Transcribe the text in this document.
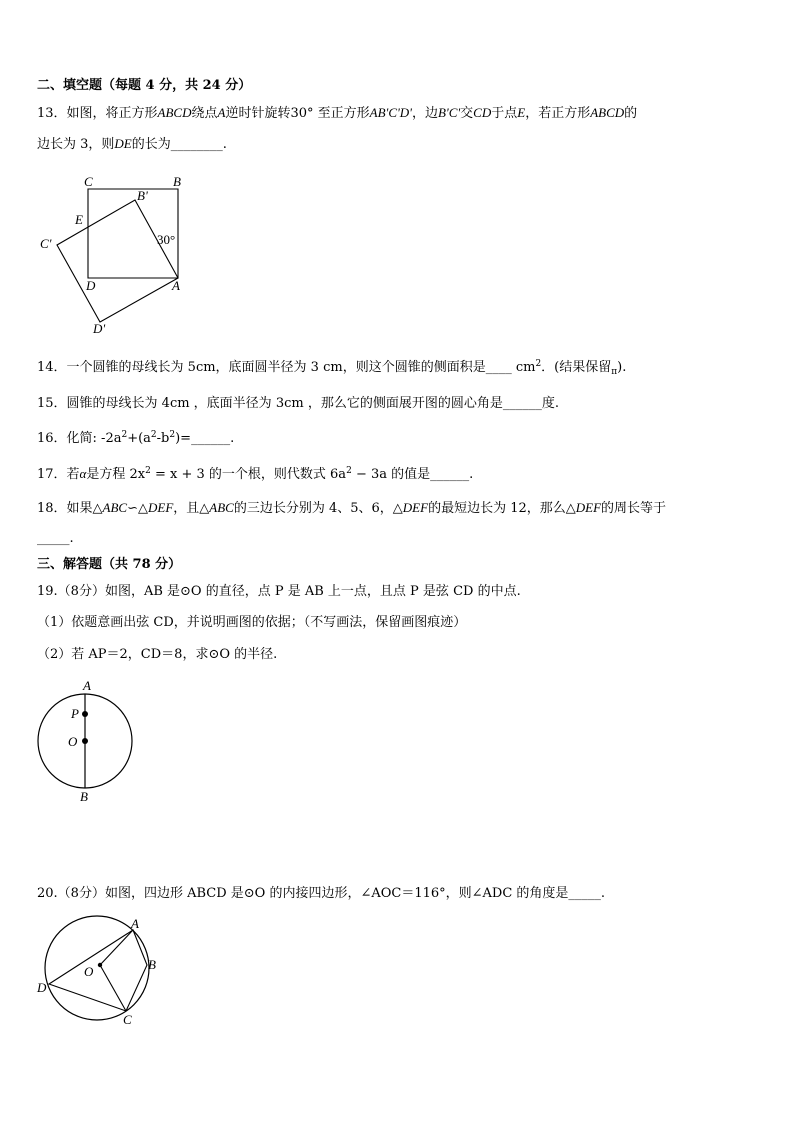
二、填空题（每题 4 分，共 24 分）
13．如图，将正方形ABCD绕点A逆时针旋转30° 至正方形AB'C'D'，边B'C'交CD于点E，若正方形ABCD的
边长为 3，则DE的长为________.
C	B
B'
E
C'	30°
D	A
D'
14．一个圆锥的母线长为 5cm，底面圆半径为 3 cm，则这个圆锥的侧面积是____ $cm^2$．(结果保留$_\pi$).
15．圆锥的母线长为 4cm ，底面半径为 3cm ，那么它的侧面展开图的圆心角是______度.
16．化简: $-2a^2+(a^2-b^2)=\_\_\_\_\_\_$.
17．若α是方程 $2x^2 = x + 3$ 的一个根，则代数式 $6a^2 - 3a$ 的值是______.
18．如果△ABC∽△DEF，且△ABC的三边长分别为 4、5、6，△DEF的最短边长为 12，那么△DEF的周长等于
_____.
三、解答题（共 78 分）
19.（8分）如图，AB 是⊙O 的直径，点 P 是 AB 上一点，且点 P 是弦 CD 的中点.
（1）依题意画出弦 CD，并说明画图的依据；（不写画法，保留画图痕迹）
（2）若 AP＝2，CD＝8，求⊙O 的半径.
A
P
O
B
20.（8分）如图，四边形 ABCD 是⊙O 的内接四边形，∠AOC＝116°，则∠ADC 的角度是_____.
A
B
O
D
C
